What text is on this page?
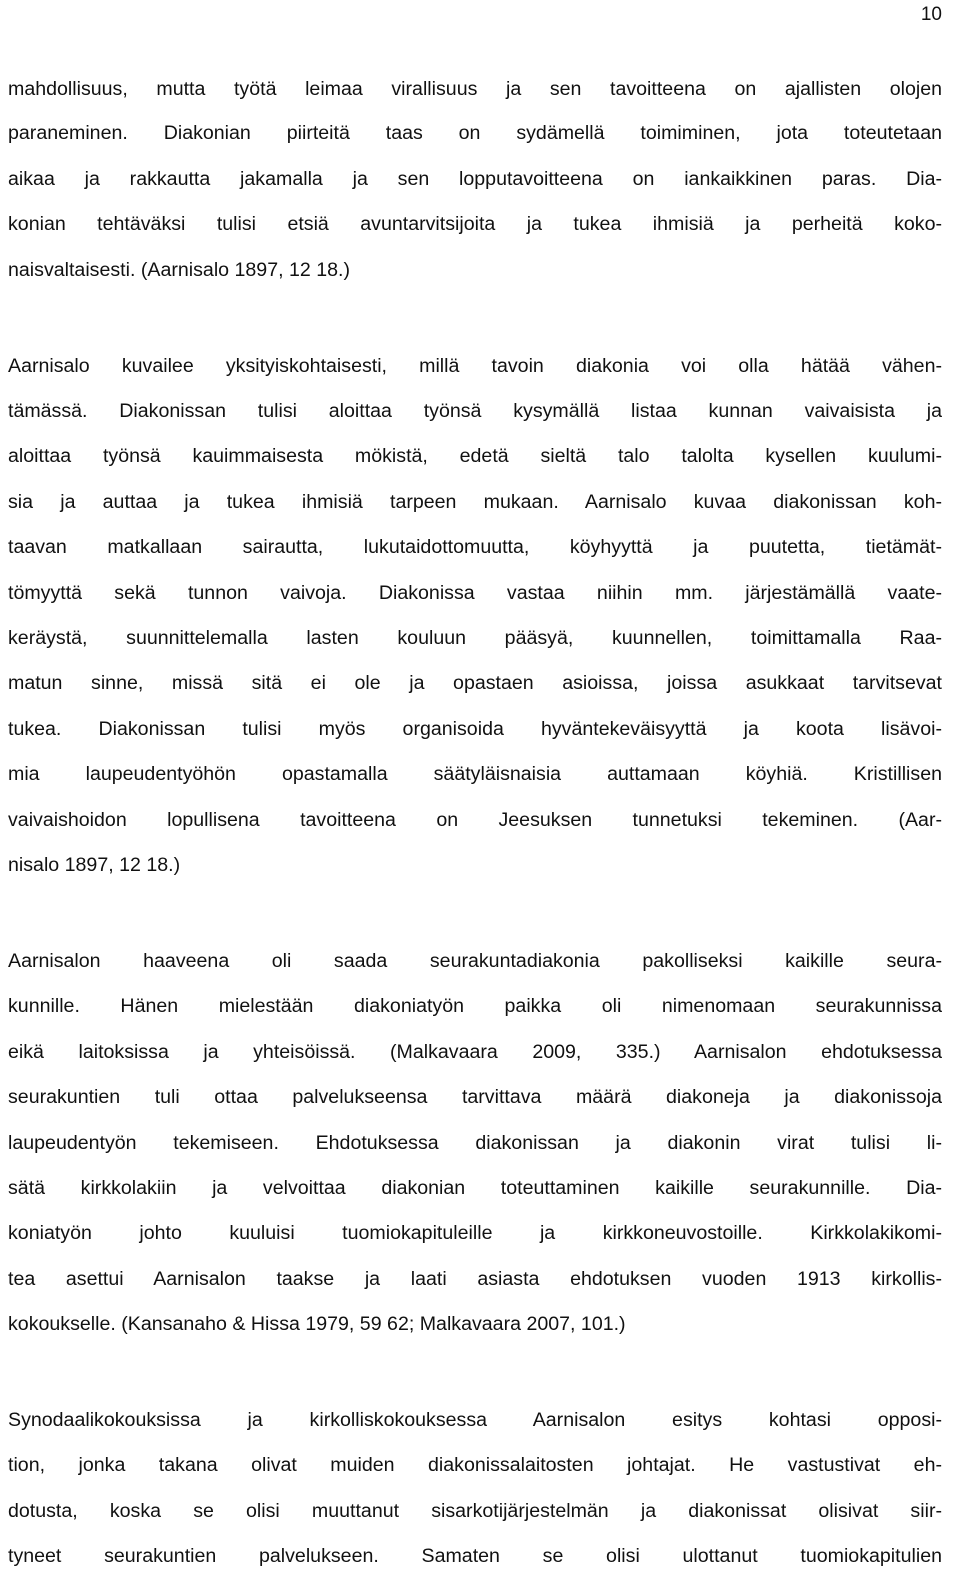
10
mahdollisuus, mutta työtä leimaa virallisuus ja sen tavoitteena on ajallisten olojen
paraneminen. Diakonian piirteitä taas on sydämellä toimiminen, jota toteutetaan
aikaa ja rakkautta jakamalla ja sen lopputavoitteena on iankaikkinen paras. Dia-
konian tehtäväksi tulisi etsiä avuntarvitsijoita ja tukea ihmisiä ja perheitä koko-
naisvaltaisesti. (Aarnisalo 1897, 12 18.)
Aarnisalo kuvailee yksityiskohtaisesti, millä tavoin diakonia voi olla hätää vähen-
tämässä. Diakonissan tulisi aloittaa työnsä kysymällä listaa kunnan vaivaisista ja
aloittaa työnsä kauimmaisesta mökistä, edetä sieltä talo talolta kysellen kuulumi-
sia ja auttaa ja tukea ihmisiä tarpeen mukaan. Aarnisalo kuvaa diakonissan koh-
taavan matkallaan sairautta, lukutaidottomuutta, köyhyyttä ja puutetta, tietämät-
tömyyttä sekä tunnon vaivoja. Diakonissa vastaa niihin mm. järjestämällä vaate-
keräystä, suunnittelemalla lasten kouluun pääsyä, kuunnellen, toimittamalla Raa-
matun sinne, missä sitä ei ole ja opastaen asioissa, joissa asukkaat tarvitsevat
tukea. Diakonissan tulisi myös organisoida hyväntekeväisyyttä ja koota lisävoi-
mia laupeudentyöhön opastamalla säätyläisnaisia auttamaan köyhiä. Kristillisen
vaivaishoidon lopullisena tavoitteena on Jeesuksen tunnetuksi tekeminen. (Aar-
nisalo 1897, 12 18.)
Aarnisalon haaveena oli saada seurakuntadiakonia pakolliseksi kaikille seura-
kunnille. Hänen mielestään diakoniatyön paikka oli nimenomaan seurakunnissa
eikä laitoksissa ja yhteisöissä. (Malkavaara 2009, 335.) Aarnisalon ehdotuksessa
seurakuntien tuli ottaa palvelukseensa tarvittava määrä diakoneja ja diakonissoja
laupeudentyön tekemiseen. Ehdotuksessa diakonissan ja diakonin virat tulisi li-
sätä kirkkolakiin ja velvoittaa diakonian toteuttaminen kaikille seurakunnille. Dia-
koniatyön johto kuuluisi tuomiokapituleille ja kirkkoneuvostoille. Kirkkolakikomi-
tea asettui Aarnisalon taakse ja laati asiasta ehdotuksen vuoden 1913 kirkollis-
kokoukselle. (Kansanaho & Hissa 1979, 59 62; Malkavaara 2007, 101.)
Synodaalikokouksissa ja kirkolliskokouksessa Aarnisalon esitys kohtasi opposi-
tion, jonka takana olivat muiden diakonissalaitosten johtajat. He vastustivat eh-
dotusta, koska se olisi muuttanut sisarkotijärjestelmän ja diakonissat olisivat siir-
tyneet seurakuntien palvelukseen. Samaten se olisi ulottanut tuomiokapitulien
